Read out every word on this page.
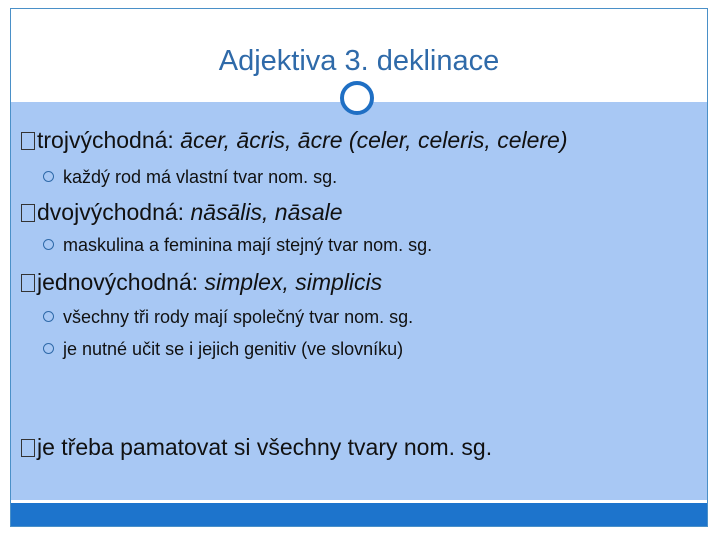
Adjektiva 3. deklinace
trojvýchodná: ācer, ācris, ācre (celer, celeris, celere)
každý rod má vlastní tvar nom. sg.
dvojvýchodná: nāsālis, nāsale
maskulina a feminina mají stejný tvar nom. sg.
jednovýchodná: simplex, simplicis
všechny tři rody mají společný tvar nom. sg.
je nutné učit se i jejich genitiv (ve slovníku)
je třeba pamatovat si všechny tvary nom. sg.
